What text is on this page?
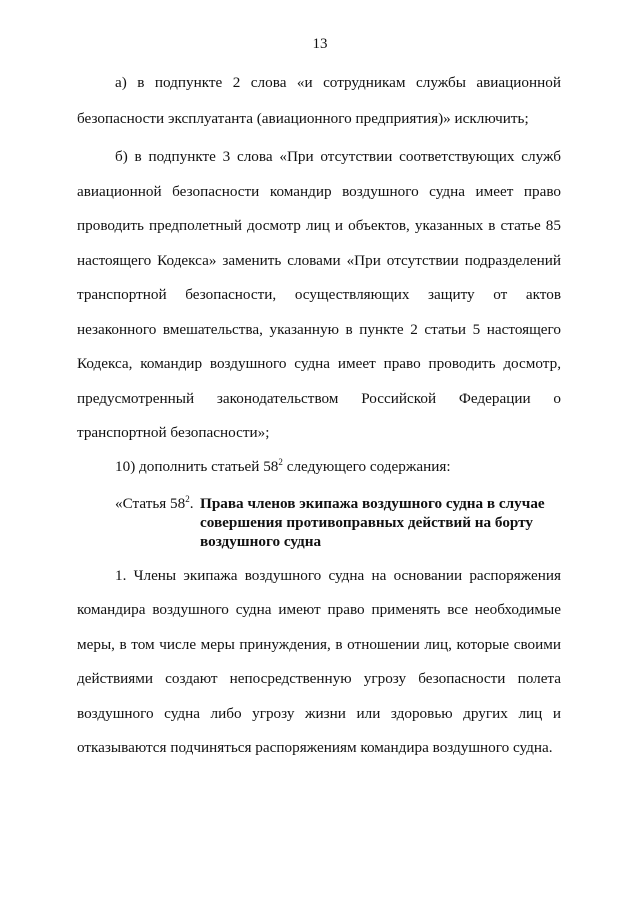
13
а) в подпункте 2 слова «и сотрудникам службы авиационной
безопасности эксплуатанта (авиационного предприятия)» исключить;
б) в подпункте 3 слова «При отсутствии соответствующих служб
авиационной безопасности командир воздушного судна имеет право
проводить предполетный досмотр лиц и объектов, указанных в статье 85
настоящего Кодекса» заменить словами «При отсутствии подразделений
транспортной безопасности, осуществляющих защиту от актов
незаконного вмешательства, указанную в пункте 2 статьи 5 настоящего
Кодекса, командир воздушного судна имеет право проводить досмотр,
предусмотренный законодательством Российской Федерации о
транспортной безопасности»;
10) дополнить статьей $58^2$ следующего содержания:
«Статья $58^2$. Права членов экипажа воздушного судна в случае совершения противоправных действий на борту воздушного судна
1. Члены экипажа воздушного судна на основании распоряжения
командира воздушного судна имеют право применять все необходимые
меры, в том числе меры принуждения, в отношении лиц, которые своими
действиями создают непосредственную угрозу безопасности полета
воздушного судна либо угрозу жизни или здоровью других лиц и
отказываются подчиняться распоряжениям командира воздушного судна.
